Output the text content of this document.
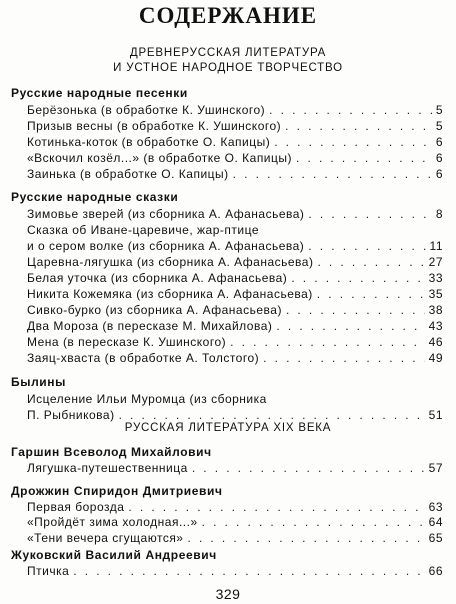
СОДЕРЖАНИЕ
ДРЕВНЕРУССКАЯ ЛИТЕРАТУРА
И УСТНОЕ НАРОДНОЕ ТВОРЧЕСТВО
Русские народные песенки
Берёзонька (в обработке К. Ушинского) . . .	5
Призыв весны (в обработке К. Ушинского) . . .	5
Котинька-коток (в обработке О. Капицы) . . .	6
«Вскочил козёл...» (в обработке О. Капицы) . . .	6
Заинька (в обработке О. Капицы) . . .	6
Русские народные сказки
Зимовье зверей (из сборника А. Афанасьева) . . .	8
Сказка об Иване-царевиче, жар-птице
и о сером волке (из сборника А. Афанасьева) . . .	11
Царевна-лягушка (из сборника А. Афанасьева) . . .	27
Белая уточка (из сборника А. Афанасьева) . . .	33
Никита Кожемяка (из сборника А. Афанасьева) . . .	35
Сивко-бурко (из сборника А. Афанасьева) . . .	38
Два Мороза (в пересказе М. Михайлова) . . .	43
Мена (в пересказе К. Ушинского) . . .	46
Заяц-хваста (в обработке А. Толстого) . . .	49
Былины
Исцеление Ильи Муромца (из сборника
П. Рыбникова) . . .	51
РУССКАЯ ЛИТЕРАТУРА XIX ВЕКА
Гаршин Всеволод Михайлович
Лягушка-путешественница . . .	57
Дрожжин Спиридон Дмитриевич
Первая борозда . . .	63
«Пройдёт зима холодная...» . . .	64
«Тени вечера сгущаются» . . .	65
Жуковский Василий Андреевич
329
Птичка . . .	66
